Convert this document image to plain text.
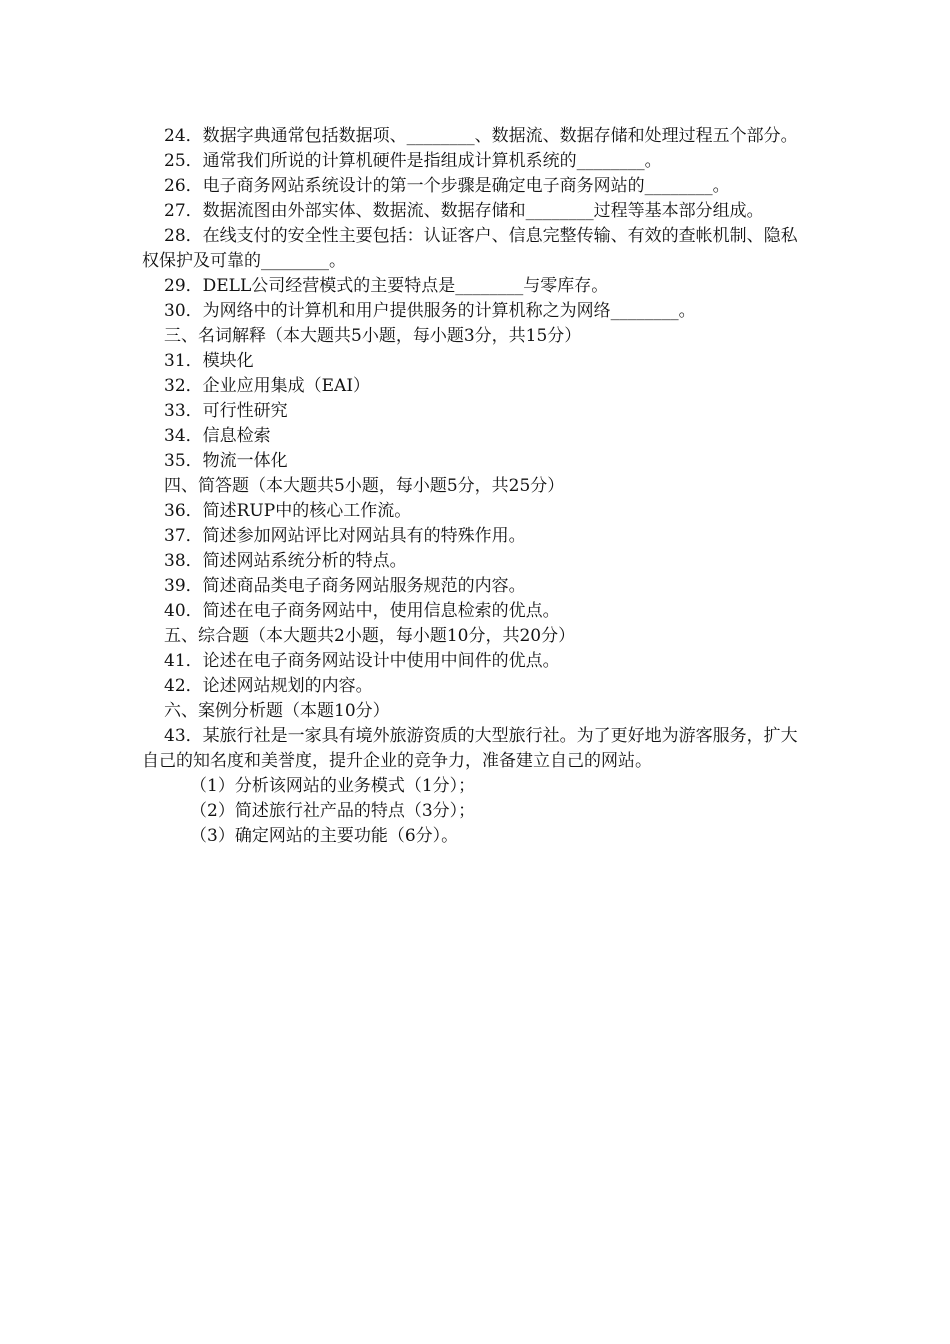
24．数据字典通常包括数据项、________、数据流、数据存储和处理过程五个部分。

25．通常我们所说的计算机硬件是指组成计算机系统的________。

26．电子商务网站系统设计的第一个步骤是确定电子商务网站的________。

27．数据流图由外部实体、数据流、数据存储和________过程等基本部分组成。

28．在线支付的安全性主要包括：认证客户、信息完整传输、有效的查帐机制、隐私权保护及可靠的________。

29．DELL公司经营模式的主要特点是________与零库存。

30．为网络中的计算机和用户提供服务的计算机称之为网络________。

三、名词解释（本大题共5小题，每小题3分，共15分）

31．模块化

32．企业应用集成（EAI）

33．可行性研究

34．信息检索

35．物流一体化

四、简答题（本大题共5小题，每小题5分，共25分）

36．简述RUP中的核心工作流。

37．简述参加网站评比对网站具有的特殊作用。

38．简述网站系统分析的特点。

39．简述商品类电子商务网站服务规范的内容。

40．简述在电子商务网站中，使用信息检索的优点。

五、综合题（本大题共2小题，每小题10分，共20分）

41．论述在电子商务网站设计中使用中间件的优点。

42．论述网站规划的内容。

六、案例分析题（本题10分）

43．某旅行社是一家具有境外旅游资质的大型旅行社。为了更好地为游客服务，扩大自己的知名度和美誉度，提升企业的竞争力，准备建立自己的网站。

（1）分析该网站的业务模式（1分）；

（2）简述旅行社产品的特点（3分）；

（3）确定网站的主要功能（6分）。
